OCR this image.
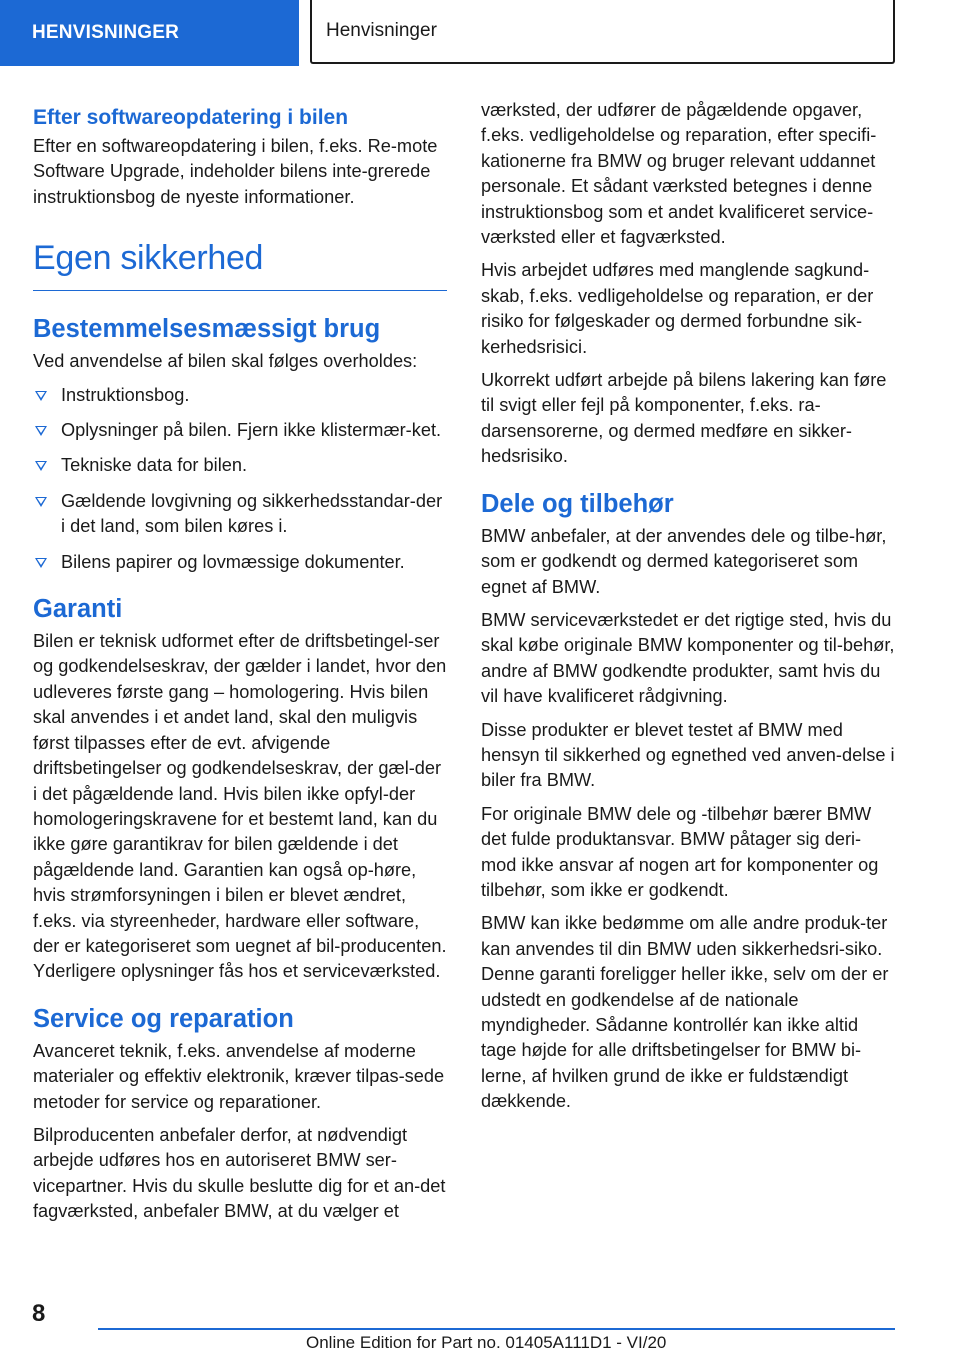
HENVISNINGER	Henvisninger
Efter softwareopdatering i bilen

Efter en softwareopdatering i bilen, f.eks. Re-mote Software Upgrade, indeholder bilens inte-grerede instruktionsbog de nyeste informationer.

Egen sikkerhed
Bestemmelsesmæssigt brug

Ved anvendelse af bilen skal følges overholdes:

Instruktionsbog.
Oplysninger på bilen. Fjern ikke klistermær-ket.
Tekniske data for bilen.
Gældende lovgivning og sikkerhedsstandar-der i det land, som bilen køres i.
Bilens papirer og lovmæssige dokumenter.
Garanti

Bilen er teknisk udformet efter de driftsbetingel-ser og godkendelseskrav, der gælder i landet, hvor den udleveres første gang – homologering. Hvis bilen skal anvendes i et andet land, skal den muligvis først tilpasses efter de evt. afvigende driftsbetingelser og godkendelseskrav, der gæl-der i det pågældende land. Hvis bilen ikke opfyl-der homologeringskravene for et bestemt land, kan du ikke gøre garantikrav for bilen gældende i det pågældende land. Garantien kan også op-høre, hvis strømforsyningen i bilen er blevet ændret, f.eks. via styreenheder, hardware eller software, der er kategoriseret som uegnet af bil-producenten. Yderligere oplysninger fås hos et serviceværksted.

Service og reparation

Avanceret teknik, f.eks. anvendelse af moderne materialer og effektiv elektronik, kræver tilpas-sede metoder for service og reparationer.

Bilproducenten anbefaler derfor, at nødvendigt arbejde udføres hos en autoriseret BMW ser-vicepartner. Hvis du skulle beslutte dig for et an-det fagværksted, anbefaler BMW, at du vælger et

værksted, der udfører de pågældende opgaver, f.eks. vedligeholdelse og reparation, efter specifi-kationerne fra BMW og bruger relevant uddannet personale. Et sådant værksted betegnes i denne instruktionsbog som et andet kvalificeret service-værksted eller et fagværksted.

Hvis arbejdet udføres med manglende sagkund-skab, f.eks. vedligeholdelse og reparation, er der risiko for følgeskader og dermed forbundne sik-kerhedsrisici.

Ukorrekt udført arbejde på bilens lakering kan føre til svigt eller fejl på komponenter, f.eks. ra-darsensorerne, og dermed medføre en sikker-hedsrisiko.

Dele og tilbehør

BMW anbefaler, at der anvendes dele og tilbe-hør, som er godkendt og dermed kategoriseret som egnet af BMW.

BMW serviceværkstedet er det rigtige sted, hvis du skal købe originale BMW komponenter og til-behør, andre af BMW godkendte produkter, samt hvis du vil have kvalificeret rådgivning.

Disse produkter er blevet testet af BMW med hensyn til sikkerhed og egnethed ved anven-delse i biler fra BMW.

For originale BMW dele og -tilbehør bærer BMW det fulde produktansvar. BMW påtager sig deri-mod ikke ansvar af nogen art for komponenter og tilbehør, som ikke er godkendt.

BMW kan ikke bedømme om alle andre produk-ter kan anvendes til din BMW uden sikkerhedsri-siko. Denne garanti foreligger heller ikke, selv om der er udstedt en godkendelse af de nationale myndigheder. Sådanne kontrollér kan ikke altid tage højde for alle driftsbetingelser for BMW bi-lerne, af hvilken grund de ikke er fuldstændigt dækkende.

8
Online Edition for Part no. 01405A111D1 - VI/20
